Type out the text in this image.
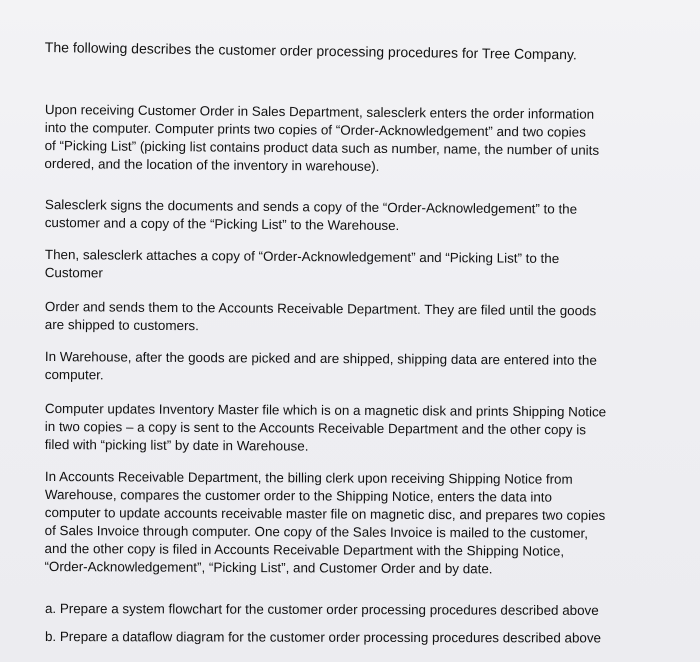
The following describes the customer order processing procedures for Tree Company.
Upon receiving Customer Order in Sales Department, salesclerk enters the order information
into the computer. Computer prints two copies of “Order-Acknowledgement” and two copies
of “Picking List” (picking list contains product data such as number, name, the number of units
ordered, and the location of the inventory in warehouse).
Salesclerk signs the documents and sends a copy of the “Order-Acknowledgement” to the
customer and a copy of the “Picking List” to the Warehouse.
Then, salesclerk attaches a copy of “Order-Acknowledgement” and “Picking List” to the
Customer
Order and sends them to the Accounts Receivable Department. They are filed until the goods
are shipped to customers.
In Warehouse, after the goods are picked and are shipped, shipping data are entered into the
computer.
Computer updates Inventory Master file which is on a magnetic disk and prints Shipping Notice
in two copies – a copy is sent to the Accounts Receivable Department and the other copy is
filed with “picking list” by date in Warehouse.
In Accounts Receivable Department, the billing clerk upon receiving Shipping Notice from
Warehouse, compares the customer order to the Shipping Notice, enters the data into
computer to update accounts receivable master file on magnetic disc, and prepares two copies
of Sales Invoice through computer. One copy of the Sales Invoice is mailed to the customer,
and the other copy is filed in Accounts Receivable Department with the Shipping Notice,
“Order-Acknowledgement”, “Picking List”, and Customer Order and by date.
a. Prepare a system flowchart for the customer order processing procedures described above
b. Prepare a dataflow diagram for the customer order processing procedures described above
